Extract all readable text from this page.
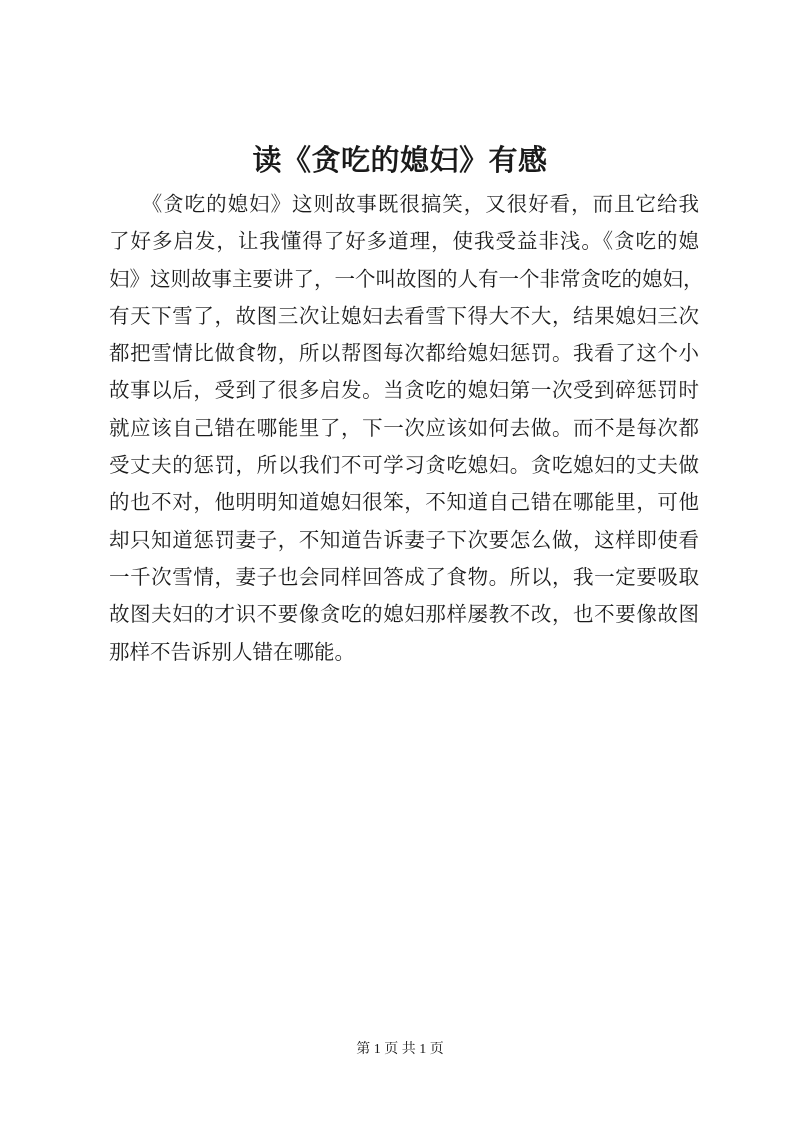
读《贪吃的媳妇》有感
　　《贪吃的媳妇》这则故事既很搞笑，又很好看，而且它给我
了好多启发，让我懂得了好多道理，使我受益非浅。《贪吃的媳
妇》这则故事主要讲了，一个叫故图的人有一个非常贪吃的媳妇，
有天下雪了，故图三次让媳妇去看雪下得大不大，结果媳妇三次
都把雪情比做食物，所以帮图每次都给媳妇惩罚。我看了这个小
故事以后，受到了很多启发。当贪吃的媳妇第一次受到碎惩罚时
就应该自己错在哪能里了，下一次应该如何去做。而不是每次都
受丈夫的惩罚，所以我们不可学习贪吃媳妇。贪吃媳妇的丈夫做
的也不对，他明明知道媳妇很笨，不知道自己错在哪能里，可他
却只知道惩罚妻子，不知道告诉妻子下次要怎么做，这样即使看
一千次雪情，妻子也会同样回答成了食物。所以，我一定要吸取
故图夫妇的才识不要像贪吃的媳妇那样屡教不改，也不要像故图
那样不告诉别人错在哪能。
第 1 页 共 1 页
